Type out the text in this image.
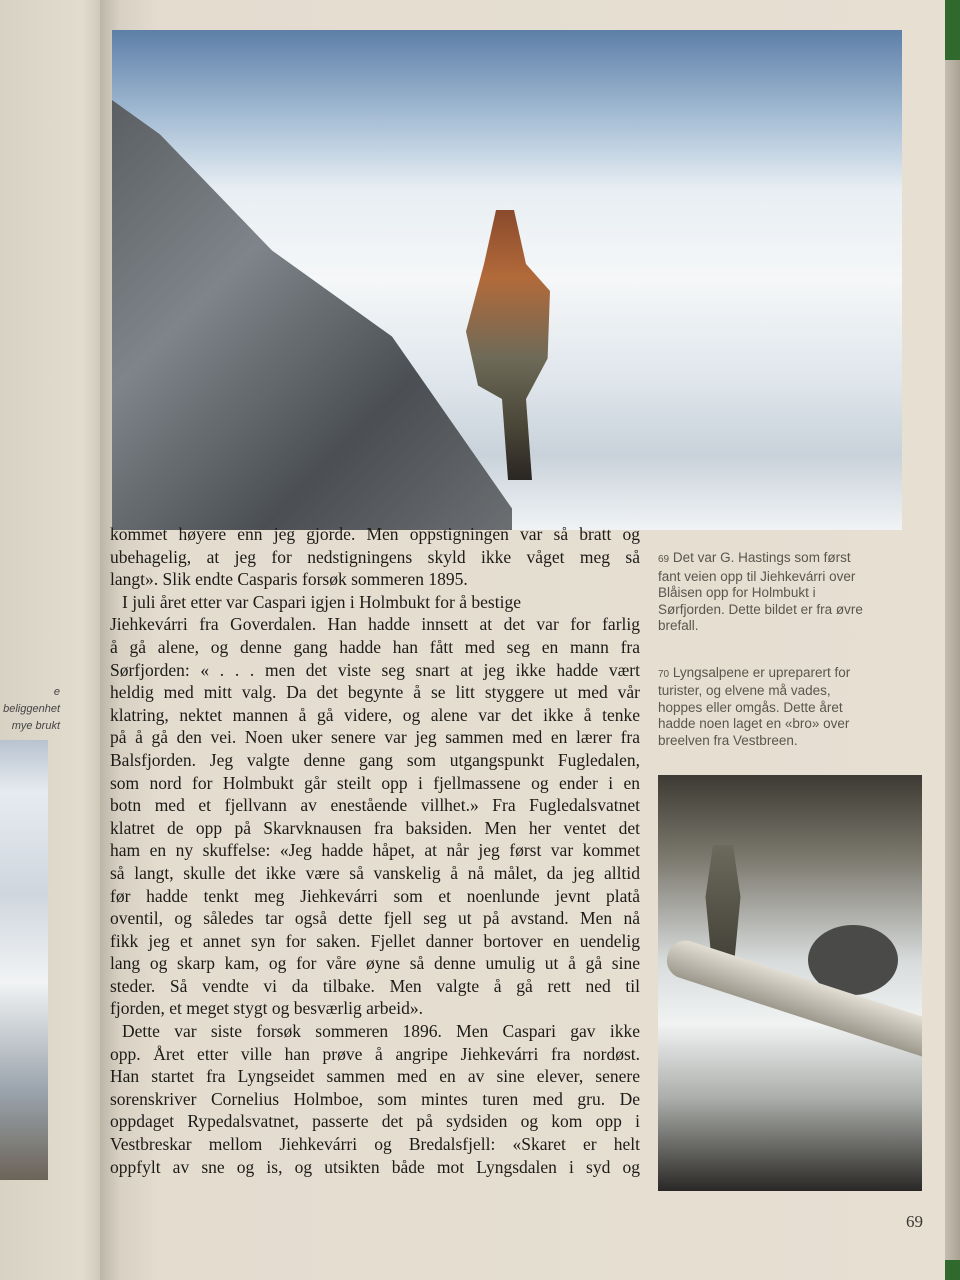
e beliggenhet
mye brukt
kommet høyere enn jeg gjorde. Men oppstigningen var så bratt og
ubehagelig, at jeg for nedstigningens skyld ikke våget meg så
langt». Slik endte Casparis forsøk sommeren 1895.
I juli året etter var Caspari igjen i Holmbukt for å bestige
Jiehkevárri fra Goverdalen. Han hadde innsett at det var for farlig
å gå alene, og denne gang hadde han fått med seg en mann fra
Sørfjorden: « . . . men det viste seg snart at jeg ikke hadde vært
heldig med mitt valg. Da det begynte å se litt styggere ut med vår
klatring, nektet mannen å gå videre, og alene var det ikke å tenke
på å gå den vei. Noen uker senere var jeg sammen med en lærer fra
Balsfjorden. Jeg valgte denne gang som utgangspunkt Fugledalen,
som nord for Holmbukt går steilt opp i fjellmassene og ender i en
botn med et fjellvann av enestående villhet.» Fra Fugledalsvatnet
klatret de opp på Skarvknausen fra baksiden. Men her ventet det
ham en ny skuffelse: «Jeg hadde håpet, at når jeg først var kommet
så langt, skulle det ikke være så vanskelig å nå målet, da jeg alltid
før hadde tenkt meg Jiehkevárri som et noenlunde jevnt platå
oventil, og således tar også dette fjell seg ut på avstand. Men nå
fikk jeg et annet syn for saken. Fjellet danner bortover en uendelig
lang og skarp kam, og for våre øyne så denne umulig ut å gå sine
steder. Så vendte vi da tilbake. Men valgte å gå rett ned til
fjorden, et meget stygt og besværlig arbeid».
Dette var siste forsøk sommeren 1896. Men Caspari gav ikke
opp. Året etter ville han prøve å angripe Jiehkevárri fra nordøst.
Han startet fra Lyngseidet sammen med en av sine elever, senere
sorenskriver Cornelius Holmboe, som mintes turen med gru. De
oppdaget Rypedalsvatnet, passerte det på sydsiden og kom opp i
Vestbreskar mellom Jiehkevárri og Bredalsfjell: «Skaret er helt
oppfylt av sne og is, og utsikten både mot Lyngsdalen i syd og
69 Det var G. Hastings som først
fant veien opp til Jiehkevárri over
Blåisen opp for Holmbukt i
Sørfjorden. Dette bildet er fra øvre
brefall.
70 Lyngsalpene er upreparert for
turister, og elvene må vades,
hoppes eller omgås. Dette året
hadde noen laget en «bro» over
breelven fra Vestbreen.
69
